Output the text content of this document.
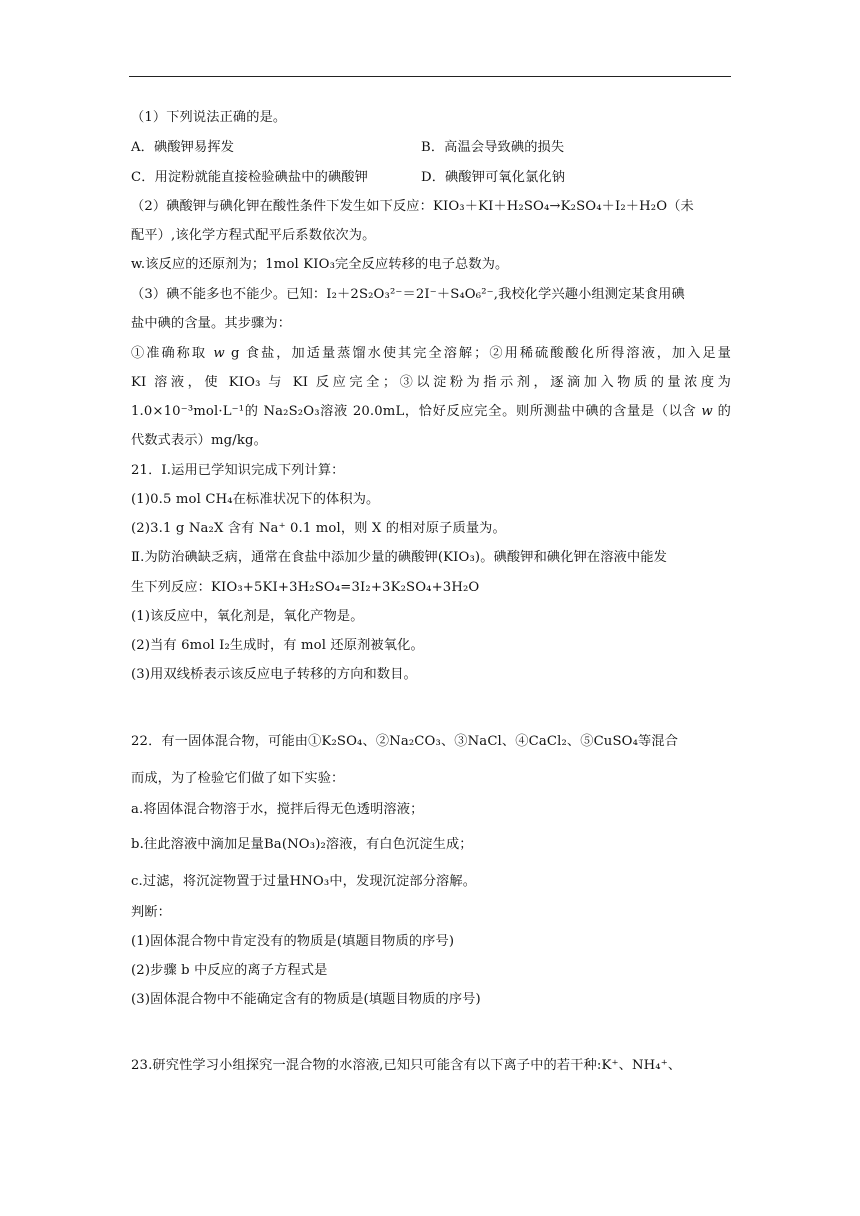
（1）下列说法正确的是。
A．碘酸钾易挥发	B．高温会导致碘的损失
C．用淀粉就能直接检验碘盐中的碘酸钾	D．碘酸钾可氧化氯化钠
（2）碘酸钾与碘化钾在酸性条件下发生如下反应：KIO₃＋KI＋H₂SO₄→K₂SO₄＋I₂＋H₂O（未
配平）,该化学方程式配平后系数依次为。
w.该反应的还原剂为；1mol KIO₃完全反应转移的电子总数为。
（3）碘不能多也不能少。已知：I₂＋2S₂O₃²⁻＝2I⁻＋S₄O₆²⁻,我校化学兴趣小组测定某食用碘
盐中碘的含量。其步骤为：
①准确称取 w g 食盐，加适量蒸馏水使其完全溶解；②用稀硫酸酸化所得溶液，加入足量
KI 溶液，使 KIO₃ 与 KI 反应完全；③以淀粉为指示剂，逐滴加入物质的量浓度为
1.0×10⁻³mol·L⁻¹的 Na₂S₂O₃溶液 20.0mL，恰好反应完全。则所测盐中碘的含量是（以含 w 的
代数式表示）mg/kg。
21．Ⅰ.运用已学知识完成下列计算：
(1)0.5 mol CH₄在标准状况下的体积为。
(2)3.1 g Na₂X 含有 Na⁺ 0.1 mol，则 X 的相对原子质量为。
Ⅱ.为防治碘缺乏病，通常在食盐中添加少量的碘酸钾(KIO₃)。碘酸钾和碘化钾在溶液中能发
生下列反应：KIO₃+5KI+3H₂SO₄=3I₂+3K₂SO₄+3H₂O
(1)该反应中，氧化剂是，氧化产物是。
(2)当有 6mol I₂生成时，有 mol 还原剂被氧化。
(3)用双线桥表示该反应电子转移的方向和数目。
22．有一固体混合物，可能由①K₂SO₄、②Na₂CO₃、③NaCl、④CaCl₂、⑤CuSO₄等混合
而成，为了检验它们做了如下实验：
a.将固体混合物溶于水，搅拌后得无色透明溶液；
b.往此溶液中滴加足量Ba(NO₃)₂溶液，有白色沉淀生成；
c.过滤，将沉淀物置于过量HNO₃中，发现沉淀部分溶解。
判断：
(1)固体混合物中肯定没有的物质是(填题目物质的序号)
(2)步骤 b 中反应的离子方程式是
(3)固体混合物中不能确定含有的物质是(填题目物质的序号)
23.研究性学习小组探究一混合物的水溶液,已知只可能含有以下离子中的若干种:K⁺、NH₄⁺、
